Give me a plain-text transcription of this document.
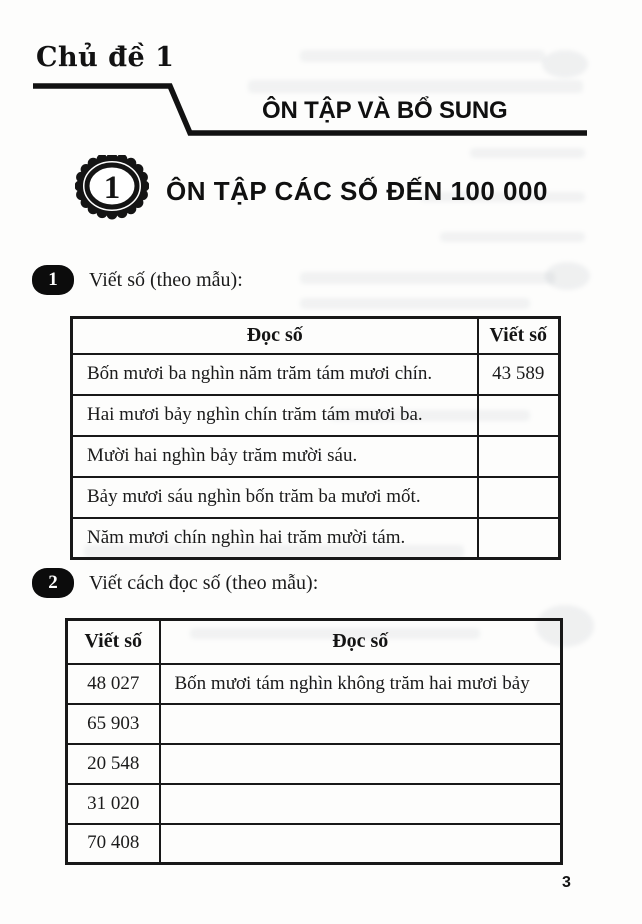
Chủ đề 1
ÔN TẬP VÀ BỔ SUNG
1 ÔN TẬP CÁC SỐ ĐẾN 100 000
1	Viết số (theo mẫu):
Đọc số	Viết số
Bốn mươi ba nghìn năm trăm tám mươi chín.	43 589
Hai mươi bảy nghìn chín trăm tám mươi ba.	
Mười hai nghìn bảy trăm mười sáu.	
Bảy mươi sáu nghìn bốn trăm ba mươi mốt.	
Năm mươi chín nghìn hai trăm mười tám.	
2	Viết cách đọc số (theo mẫu):
Viết số	Đọc số
48 027	Bốn mươi tám nghìn không trăm hai mươi bảy
65 903	
20 548	
31 020	
70 408	
3
